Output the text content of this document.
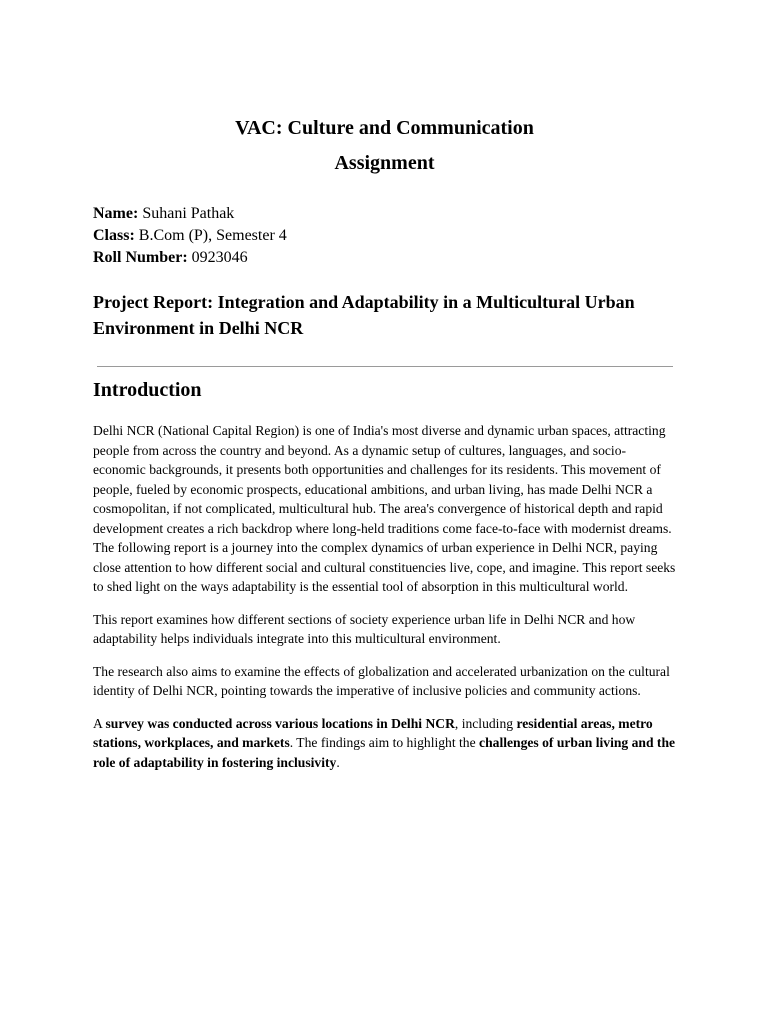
VAC: Culture and Communication
Assignment
Name: Suhani Pathak
Class: B.Com (P), Semester 4
Roll Number: 0923046
Project Report: Integration and Adaptability in a Multicultural Urban Environment in Delhi NCR
Introduction

Delhi NCR (National Capital Region) is one of India's most diverse and dynamic urban spaces, attracting people from across the country and beyond. As a dynamic setup of cultures, languages, and socio-economic backgrounds, it presents both opportunities and challenges for its residents. This movement of people, fueled by economic prospects, educational ambitions, and urban living, has made Delhi NCR a cosmopolitan, if not complicated, multicultural hub. The area's convergence of historical depth and rapid development creates a rich backdrop where long-held traditions come face-to-face with modernist dreams. The following report is a journey into the complex dynamics of urban experience in Delhi NCR, paying close attention to how different social and cultural constituencies live, cope, and imagine. This report seeks to shed light on the ways adaptability is the essential tool of absorption in this multicultural world.

This report examines how different sections of society experience urban life in Delhi NCR and how adaptability helps individuals integrate into this multicultural environment.

The research also aims to examine the effects of globalization and accelerated urbanization on the cultural identity of Delhi NCR, pointing towards the imperative of inclusive policies and community actions.

A survey was conducted across various locations in Delhi NCR, including residential areas, metro stations, workplaces, and markets. The findings aim to highlight the challenges of urban living and the role of adaptability in fostering inclusivity.
